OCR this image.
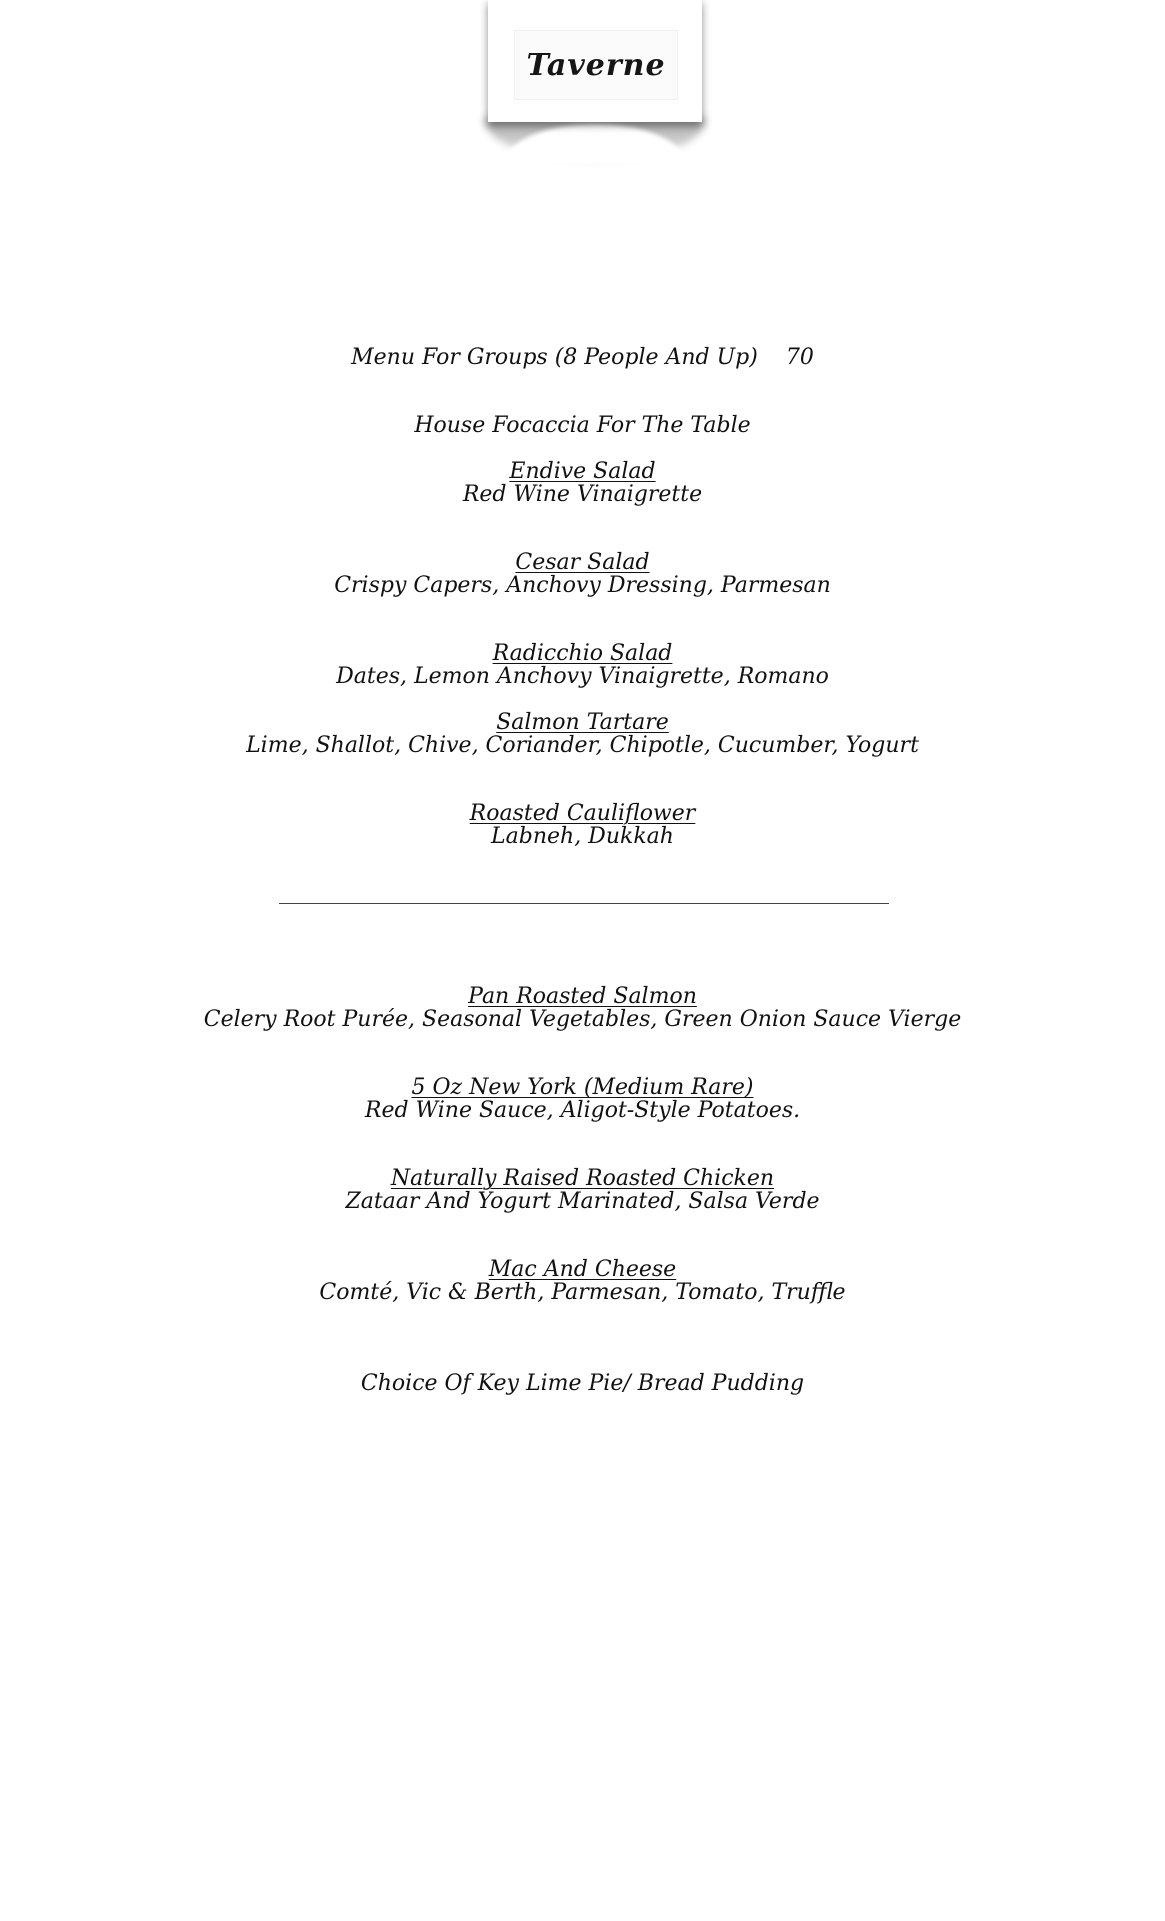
Taverne
Menu For Groups (8 People And Up) 70
House Focaccia For The Table
Endive Salad
Red Wine Vinaigrette
Cesar Salad
Crispy Capers, Anchovy Dressing, Parmesan
Radicchio Salad
Dates, Lemon Anchovy Vinaigrette, Romano
Salmon Tartare
Lime, Shallot, Chive, Coriander, Chipotle, Cucumber, Yogurt
Roasted Cauliflower
Labneh, Dukkah
Pan Roasted Salmon
Celery Root Purée, Seasonal Vegetables, Green Onion Sauce Vierge
5 Oz New York (Medium Rare)
Red Wine Sauce, Aligot-Style Potatoes.
Naturally Raised Roasted Chicken
Zataar And Yogurt Marinated, Salsa Verde
Mac And Cheese
Comté, Vic & Berth, Parmesan, Tomato, Truffle
Choice Of Key Lime Pie/ Bread Pudding
